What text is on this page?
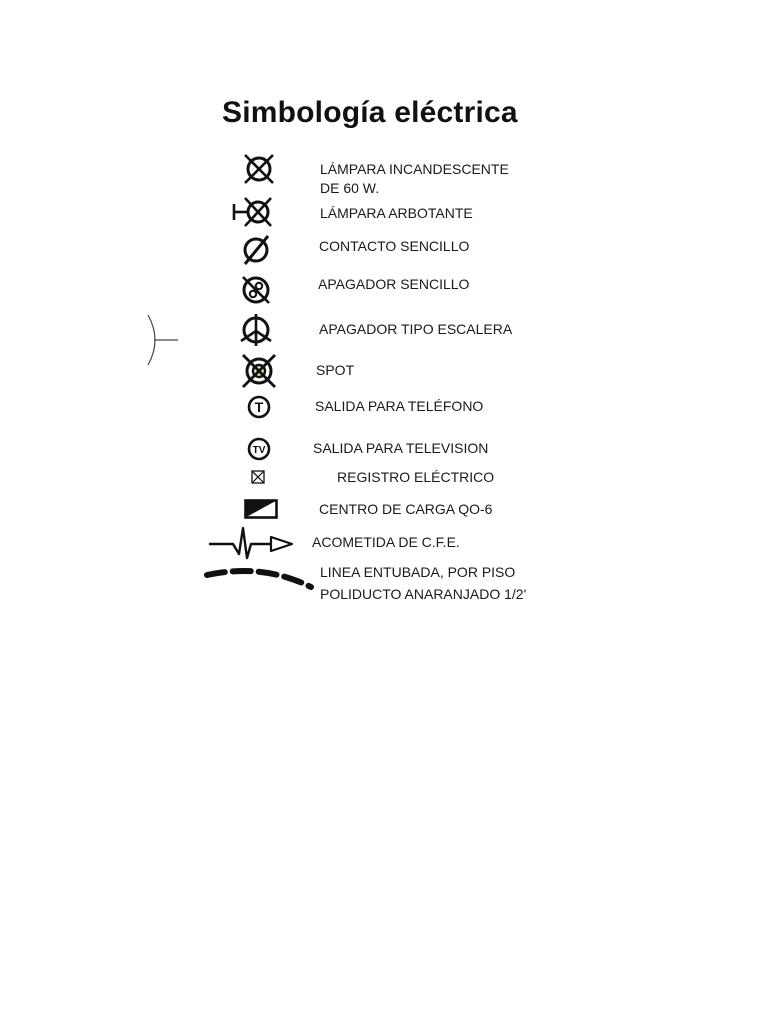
Simbología eléctrica
LÁMPARA INCANDESCENTE
DE 60 W.
LÁMPARA ARBOTANTE
CONTACTO SENCILLO
APAGADOR SENCILLO
APAGADOR TIPO ESCALERA
SPOT
T	SALIDA PARA TELÉFONO
TV	SALIDA PARA TELEVISION
REGISTRO ELÉCTRICO
CENTRO DE CARGA QO-6
ACOMETIDA DE C.F.E.
LINEA ENTUBADA, POR PISO
POLIDUCTO ANARANJADO 1/2'
